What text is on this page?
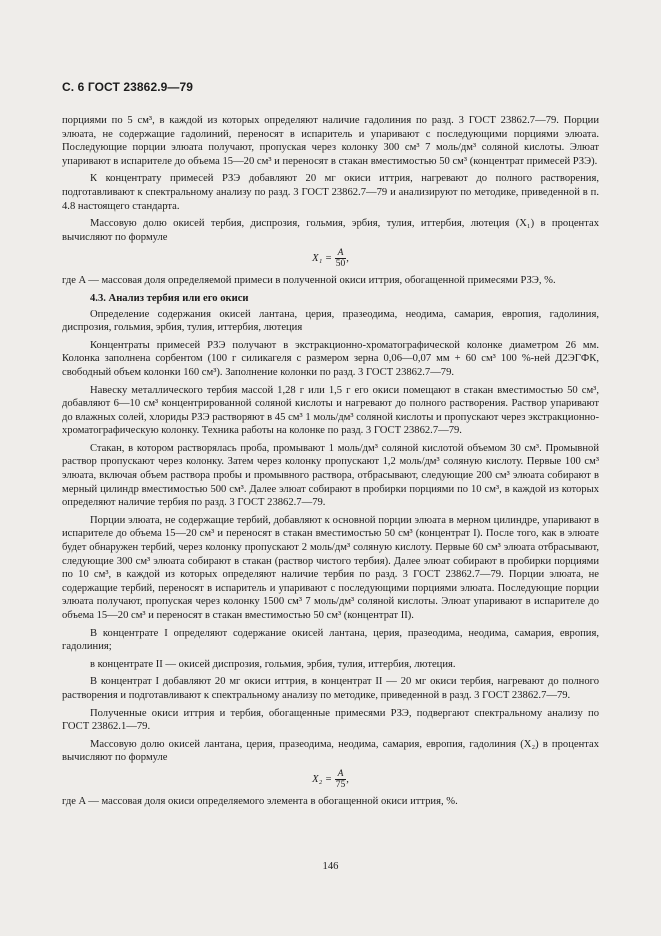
С. 6 ГОСТ 23862.9—79

порциями по 5 см³, в каждой из которых определяют наличие гадолиния по разд. 3 ГОСТ 23862.7—79. Порции элюата, не содержащие гадолиний, переносят в испаритель и упаривают с последующими порциями элюата. Последующие порции элюата получают, пропуская через колонку 300 см³ 7 моль/дм³ соляной кислоты. Элюат упаривают в испарителе до объема 15—20 см³ и переносят в стакан вместимостью 50 см³ (концентрат примесей РЗЭ).

К концентрату примесей РЗЭ добавляют 20 мг окиси иттрия, нагревают до полного растворения, подготавливают к спектральному анализу по разд. 3 ГОСТ 23862.7—79 и анализируют по методике, приведенной в п. 4.8 настоящего стандарта.

Массовую долю окисей тербия, диспрозия, гольмия, эрбия, тулия, иттербия, лютеция (X₁) в процентах вычисляют по формуле

$X_1 = \frac{A}{50}$ ,

где A — массовая доля определяемой примеси в полученной окиси иттрия, обогащенной примесями РЗЭ, %.

4.3. Анализ тербия или его окиси

Определение содержания окисей лантана, церия, празеодима, неодима, самария, европия, гадолиния, диспрозия, гольмия, эрбия, тулия, иттербия, лютеция

Концентраты примесей РЗЭ получают в экстракционно-хроматографической колонке диаметром 26 мм. Колонка заполнена сорбентом (100 г силикагеля с размером зерна 0,06—0,07 мм + 60 см³ 100 %-ней Д2ЭГФК, свободный объем колонки 160 см³). Заполнение колонки по разд. 3 ГОСТ 23862.7—79.

Навеску металлического тербия массой 1,28 г или 1,5 г его окиси помещают в стакан вместимостью 50 см³, добавляют 6—10 см³ концентрированной соляной кислоты и нагревают до полного растворения. Раствор упаривают до влажных солей, хлориды РЗЭ растворяют в 45 см³ 1 моль/дм³ соляной кислоты и пропускают через экстракционно-хроматографическую колонку. Техника работы на колонке по разд. 3 ГОСТ 23862.7—79.

Стакан, в котором растворялась проба, промывают 1 моль/дм³ соляной кислотой объемом 30 см³. Промывной раствор пропускают через колонку. Затем через колонку пропускают 1,2 моль/дм³ соляную кислоту. Первые 100 см³ элюата, включая объем раствора пробы и промывного раствора, отбрасывают, следующие 200 см³ элюата собирают в мерный цилиндр вместимостью 500 см³. Далее элюат собирают в пробирки порциями по 10 см³, в каждой из которых определяют наличие тербия по разд. 3 ГОСТ 23862.7—79.

Порции элюата, не содержащие тербий, добавляют к основной порции элюата в мерном цилиндре, упаривают в испарителе до объема 15—20 см³ и переносят в стакан вместимостью 50 см³ (концентрат I). После того, как в элюате будет обнаружен тербий, через колонку пропускают 2 моль/дм³ соляную кислоту. Первые 60 см³ элюата отбрасывают, следующие 300 см³ элюата собирают в стакан (раствор чистого тербия). Далее элюат собирают в пробирки порциями по 10 см³, в каждой из которых определяют наличие тербия по разд. 3 ГОСТ 23862.7—79. Порции элюата, не содержащие тербий, переносят в испаритель и упаривают с последующими порциями элюата. Последующие порции элюата получают, пропуская через колонку 1500 см³ 7 моль/дм³ соляной кислоты. Элюат упаривают в испарителе до объема 15—20 см³ и переносят в стакан вместимостью 50 см³ (концентрат II).

В концентрате I определяют содержание окисей лантана, церия, празеодима, неодима, самария, европия, гадолиния;

в концентрате II — окисей диспрозия, гольмия, эрбия, тулия, иттербия, лютеция.

В концентрат I добавляют 20 мг окиси иттрия, в концентрат II — 20 мг окиси тербия, нагревают до полного растворения и подготавливают к спектральному анализу по методике, приведенной в разд. 3 ГОСТ 23862.7—79.

Полученные окиси иттрия и тербия, обогащенные примесями РЗЭ, подвергают спектральному анализу по ГОСТ 23862.1—79.

Массовую долю окисей лантана, церия, празеодима, неодима, самария, европия, гадолиния (X₂) в процентах вычисляют по формуле

$X_2 = \frac{A}{75}$ ,

где A — массовая доля окиси определяемого элемента в обогащенной окиси иттрия, %.

146
